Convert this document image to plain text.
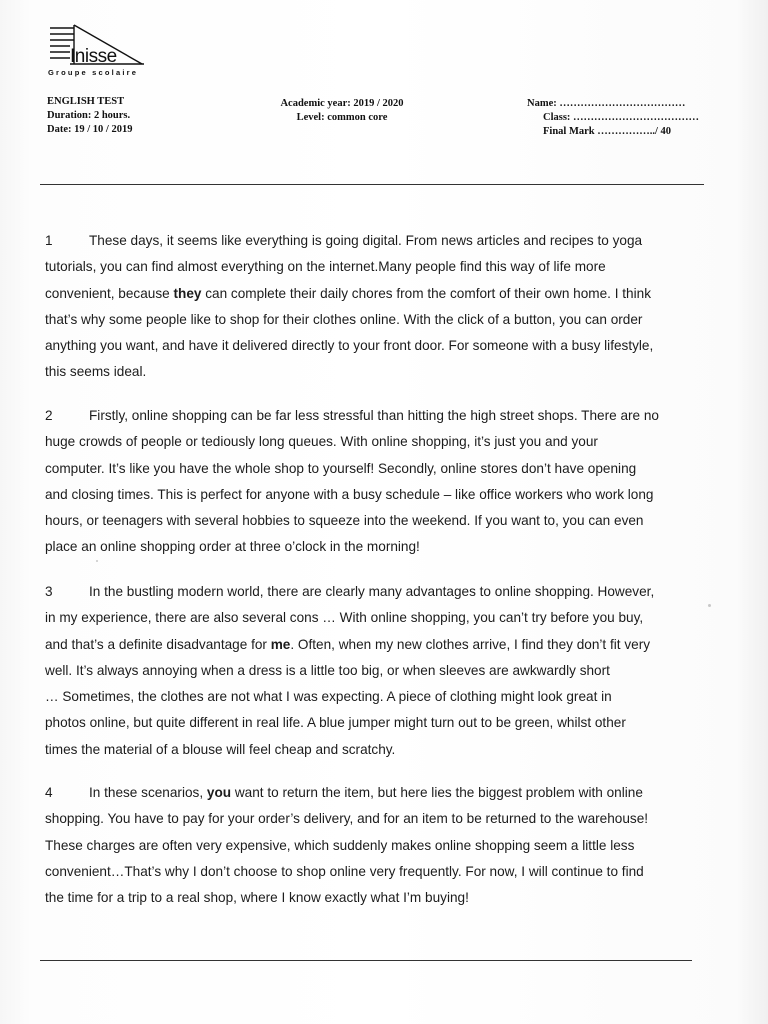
Inisse
Groupe scolaire
ENGLISH TEST
Duration: 2 hours.
Date: 19 / 10 / 2019
Academic year: 2019 / 2020
Level: common core
Name: ………………………………
Class: ………………………………
Final Mark ……………../ 40
1	These days, it seems like everything is going digital. From news articles and recipes to yoga
tutorials, you can find almost everything on the internet.Many people find this way of life more
convenient, because they can complete their daily chores from the comfort of their own home. I think
that’s why some people like to shop for their clothes online. With the click of a button, you can order
anything you want, and have it delivered directly to your front door. For someone with a busy lifestyle,
this seems ideal.
2	Firstly, online shopping can be far less stressful than hitting the high street shops. There are no
huge crowds of people or tediously long queues. With online shopping, it’s just you and your
computer. It’s like you have the whole shop to yourself! Secondly, online stores don’t have opening
and closing times. This is perfect for anyone with a busy schedule – like office workers who work long
hours, or teenagers with several hobbies to squeeze into the weekend. If you want to, you can even
place an online shopping order at three o’clock in the morning!
3	In the bustling modern world, there are clearly many advantages to online shopping. However,
in my experience, there are also several cons … With online shopping, you can’t try before you buy,
and that’s a definite disadvantage for me. Often, when my new clothes arrive, I find they don’t fit very
well. It’s always annoying when a dress is a little too big, or when sleeves are awkwardly short
… Sometimes, the clothes are not what I was expecting. A piece of clothing might look great in
photos online, but quite different in real life. A blue jumper might turn out to be green, whilst other
times the material of a blouse will feel cheap and scratchy.
4	In these scenarios, you want to return the item, but here lies the biggest problem with online
shopping. You have to pay for your order’s delivery, and for an item to be returned to the warehouse!
These charges are often very expensive, which suddenly makes online shopping seem a little less
convenient…That’s why I don’t choose to shop online very frequently. For now, I will continue to find
the time for a trip to a real shop, where I know exactly what I’m buying!
